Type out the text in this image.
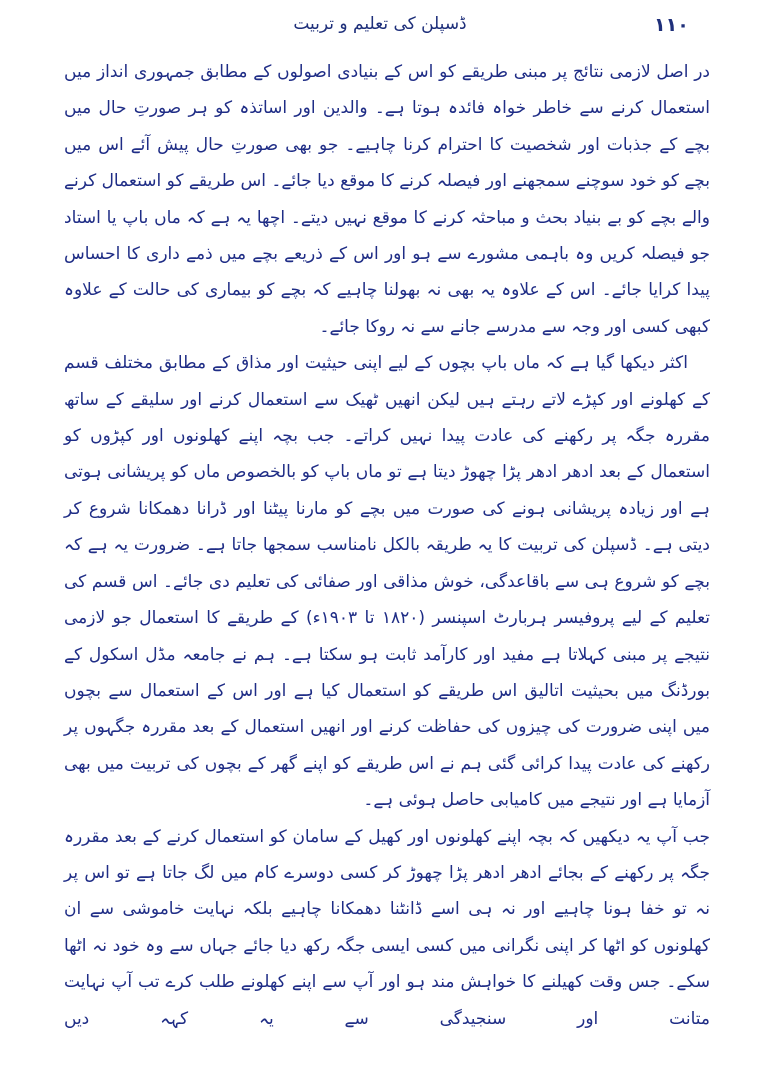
١١٠
ڈسپلن کی تعلیم و تربیت

در اصل لازمی نتائج پر مبنی طریقے کو اس کے بنیادی اصولوں کے مطابق جمہوری انداز میں استعمال کرنے سے خاطر خواہ فائدہ ہوتا ہے۔ والدین اور اساتذہ کو ہر صورتِ حال میں بچے کے جذبات اور شخصیت کا احترام کرنا چاہیے۔ جو بھی صورتِ حال پیش آئے اس میں بچے کو خود سوچنے سمجھنے اور فیصلہ کرنے کا موقع دیا جائے۔ اس طریقے کو استعمال کرنے والے بچے کو بے بنیاد بحث و مباحثہ کرنے کا موقع نہیں دیتے۔ اچھا یہ ہے کہ ماں باپ یا استاد جو فیصلہ کریں وہ باہمی مشورے سے ہو اور اس کے ذریعے بچے میں ذمے داری کا احساس پیدا کرایا جائے۔ اس کے علاوہ یہ بھی نہ بھولنا چاہیے کہ بچے کو بیماری کی حالت کے علاوہ کبھی کسی اور وجہ سے مدرسے جانے سے نہ روکا جائے۔

اکثر دیکھا گیا ہے کہ ماں باپ بچوں کے لیے اپنی حیثیت اور مذاق کے مطابق مختلف قسم کے کھلونے اور کپڑے لاتے رہتے ہیں لیکن انھیں ٹھیک سے استعمال کرنے اور سلیقے کے ساتھ مقررہ جگہ پر رکھنے کی عادت پیدا نہیں کراتے۔ جب بچہ اپنے کھلونوں اور کپڑوں کو استعمال کے بعد ادھر ادھر پڑا چھوڑ دیتا ہے تو ماں باپ کو بالخصوص ماں کو پریشانی ہوتی ہے اور زیادہ پریشانی ہونے کی صورت میں بچے کو مارنا پیٹنا اور ڈرانا دھمکانا شروع کر دیتی ہے۔ ڈسپلن کی تربیت کا یہ طریقہ بالکل نامناسب سمجھا جاتا ہے۔ ضرورت یہ ہے کہ بچے کو شروع ہی سے باقاعدگی، خوش مذاقی اور صفائی کی تعلیم دی جائے۔ اس قسم کی تعلیم کے لیے پروفیسر ہربارٹ اسپنسر (۱۸۲۰ تا ۱۹۰۳ء) کے طریقے کا استعمال جو لازمی نتیجے پر مبنی کہلاتا ہے مفید اور کارآمد ثابت ہو سکتا ہے۔ ہم نے جامعہ مڈل اسکول کے بورڈنگ میں بحیثیت اتالیق اس طریقے کو استعمال کیا ہے اور اس کے استعمال سے بچوں میں اپنی ضرورت کی چیزوں کی حفاظت کرنے اور انھیں استعمال کے بعد مقررہ جگہوں پر رکھنے کی عادت پیدا کرائی گئی ہم نے اس طریقے کو اپنے گھر کے بچوں کی تربیت میں بھی آزمایا ہے اور نتیجے میں کامیابی حاصل ہوئی ہے۔

جب آپ یہ دیکھیں کہ بچہ اپنے کھلونوں اور کھیل کے سامان کو استعمال کرنے کے بعد مقررہ جگہ پر رکھنے کے بجائے ادھر ادھر پڑا چھوڑ کر کسی دوسرے کام میں لگ جاتا ہے تو اس پر نہ تو خفا ہونا چاہیے اور نہ ہی اسے ڈانٹنا دھمکانا چاہیے بلکہ نہایت خاموشی سے ان کھلونوں کو اٹھا کر اپنی نگرانی میں کسی ایسی جگہ رکھ دیا جائے جہاں سے وہ خود نہ اٹھا سکے۔ جس وقت کھیلنے کا خواہش مند ہو اور آپ سے اپنے کھلونے طلب کرے تب آپ نہایت متانت اور سنجیدگی سے یہ کہہ دیں
